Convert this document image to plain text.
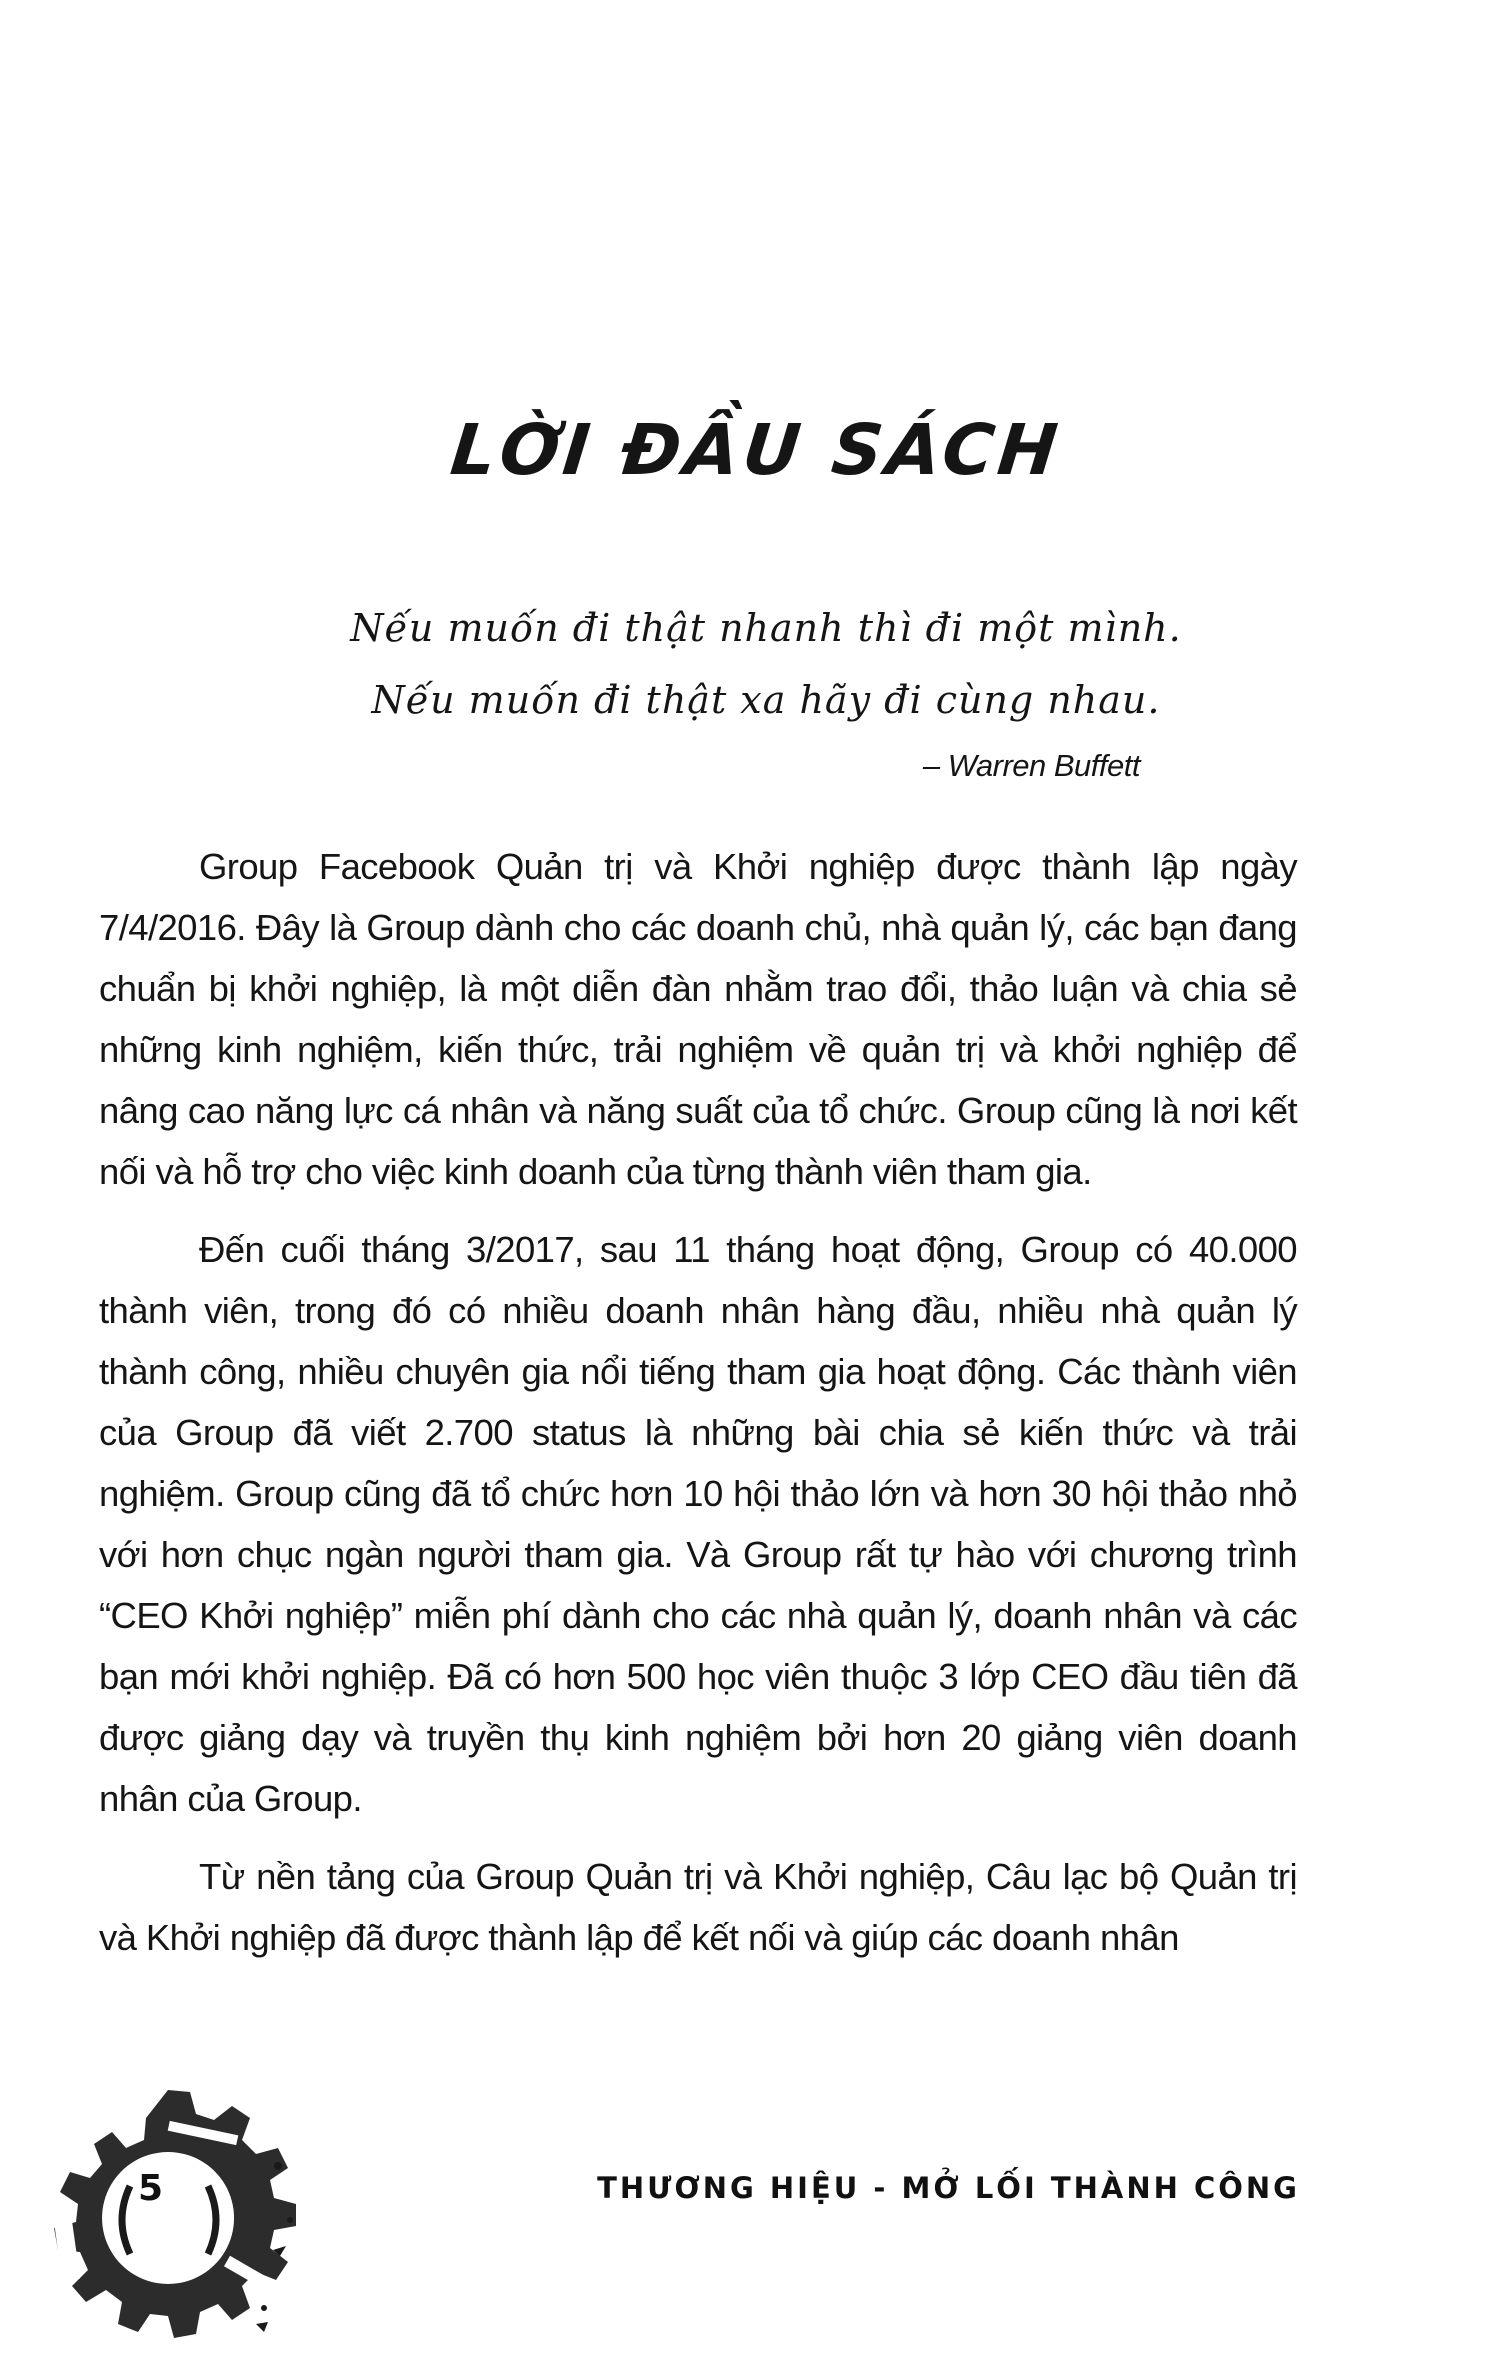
LỜI ĐẦU SÁCH
Nếu muốn đi thật nhanh thì đi một mình.
Nếu muốn đi thật xa hãy đi cùng nhau.
– Warren Buffett

Group Facebook Quản trị và Khởi nghiệp được thành lập ngày 7/4/2016. Đây là Group dành cho các doanh chủ, nhà quản lý, các bạn đang chuẩn bị khởi nghiệp, là một diễn đàn nhằm trao đổi, thảo luận và chia sẻ những kinh nghiệm, kiến thức, trải nghiệm về quản trị và khởi nghiệp để nâng cao năng lực cá nhân và năng suất của tổ chức. Group cũng là nơi kết nối và hỗ trợ cho việc kinh doanh của từng thành viên tham gia.

Đến cuối tháng 3/2017, sau 11 tháng hoạt động, Group có 40.000 thành viên, trong đó có nhiều doanh nhân hàng đầu, nhiều nhà quản lý thành công, nhiều chuyên gia nổi tiếng tham gia hoạt động. Các thành viên của Group đã viết 2.700 status là những bài chia sẻ kiến thức và trải nghiệm. Group cũng đã tổ chức hơn 10 hội thảo lớn và hơn 30 hội thảo nhỏ với hơn chục ngàn người tham gia. Và Group rất tự hào với chương trình “CEO Khởi nghiệp” miễn phí dành cho các nhà quản lý, doanh nhân và các bạn mới khởi nghiệp. Đã có hơn 500 học viên thuộc 3 lớp CEO đầu tiên đã được giảng dạy và truyền thụ kinh nghiệm bởi hơn 20 giảng viên doanh nhân của Group.

Từ nền tảng của Group Quản trị và Khởi nghiệp, Câu lạc bộ Quản trị và Khởi nghiệp đã được thành lập để kết nối và giúp các doanh nhân

5	THƯƠNG HIỆU - MỞ LỐI THÀNH CÔNG
